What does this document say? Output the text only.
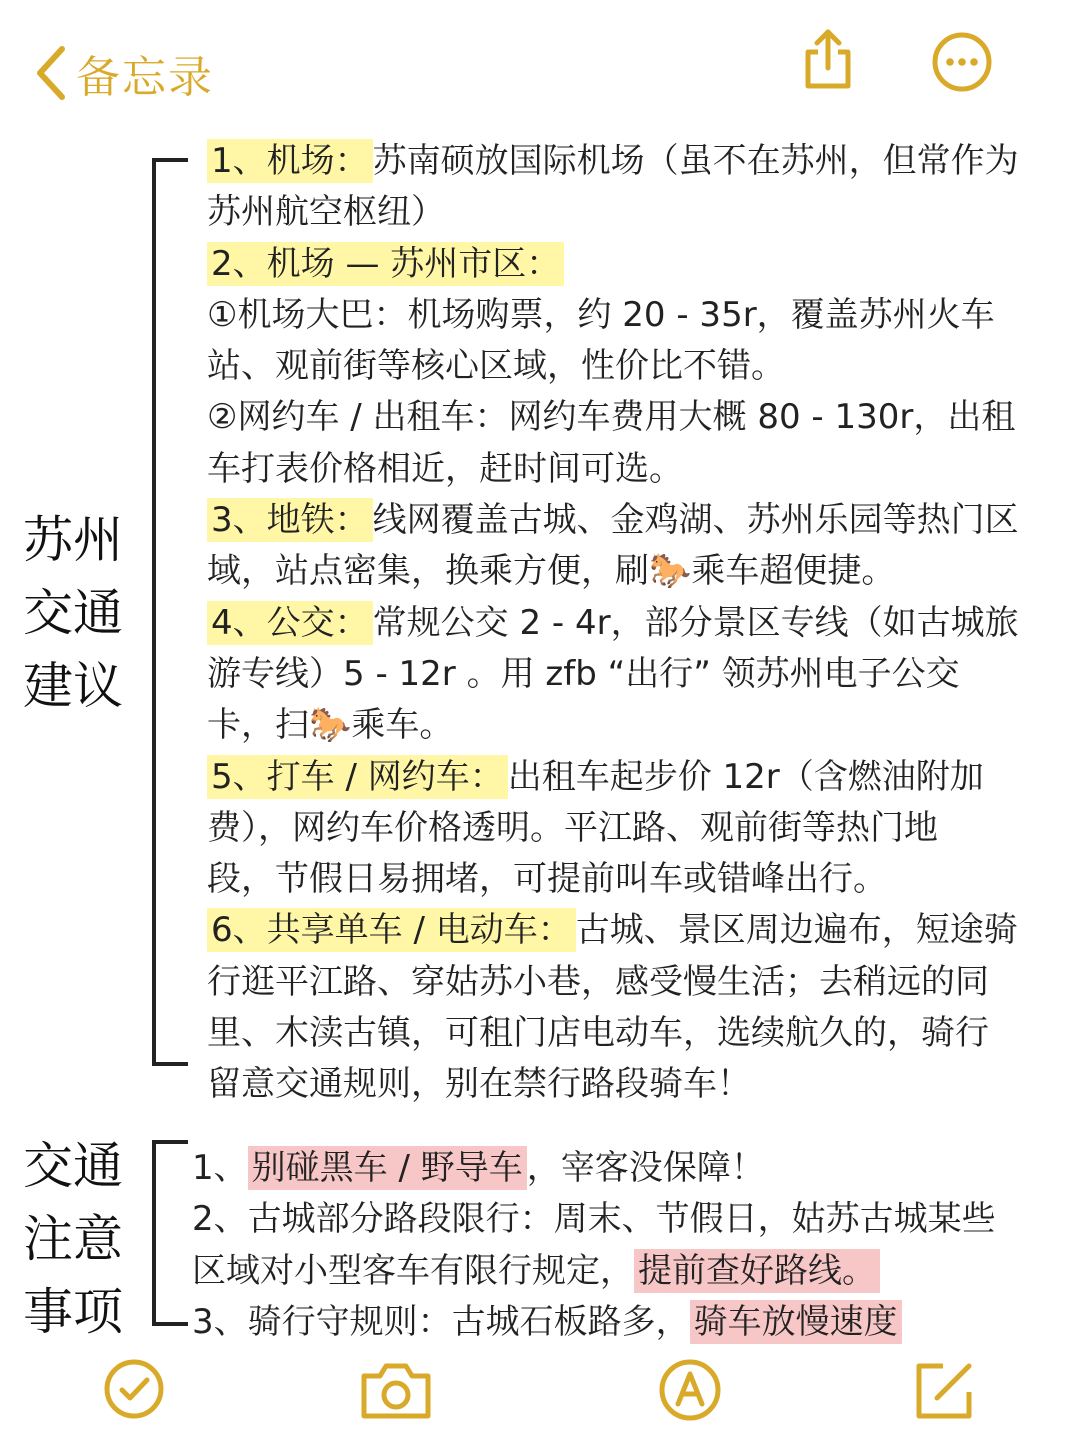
备忘录
苏州
交通
建议
1、机场： 苏南硕放国际机场（虽不在苏州，但常作为
苏州航空枢纽）
2、机场 — 苏州市区：
①机场大巴：机场购票，约 20 - 35r，覆盖苏州火车
站、观前街等核心区域，性价比不错。
②网约车 / 出租车：网约车费用大概 80 - 130r，出租
车打表价格相近，赶时间可选。
3、地铁： 线网覆盖古城、金鸡湖、苏州乐园等热门区
域，站点密集，换乘方便，刷🐎乘车超便捷。
4、公交： 常规公交 2 - 4r，部分景区专线（如古城旅
游专线）5 - 12r 。用 zfb “出行” 领苏州电子公交
卡，扫🐎乘车。
5、打车 / 网约车： 出租车起步价 12r（含燃油附加
费），网约车价格透明。平江路、观前街等热门地
段，节假日易拥堵，可提前叫车或错峰出行。
6、共享单车 / 电动车： 古城、景区周边遍布，短途骑
行逛平江路、穿姑苏小巷，感受慢生活；去稍远的同
里、木渎古镇，可租门店电动车，选续航久的，骑行
留意交通规则，别在禁行路段骑车！
交通
注意
事项
1、 别碰黑车 / 野导车 ，宰客没保障！
2、古城部分路段限行：周末、节假日，姑苏古城某些
区域对小型客车有限行规定， 提前查好路线。
3、骑行守规则：古城石板路多， 骑车放慢速度
